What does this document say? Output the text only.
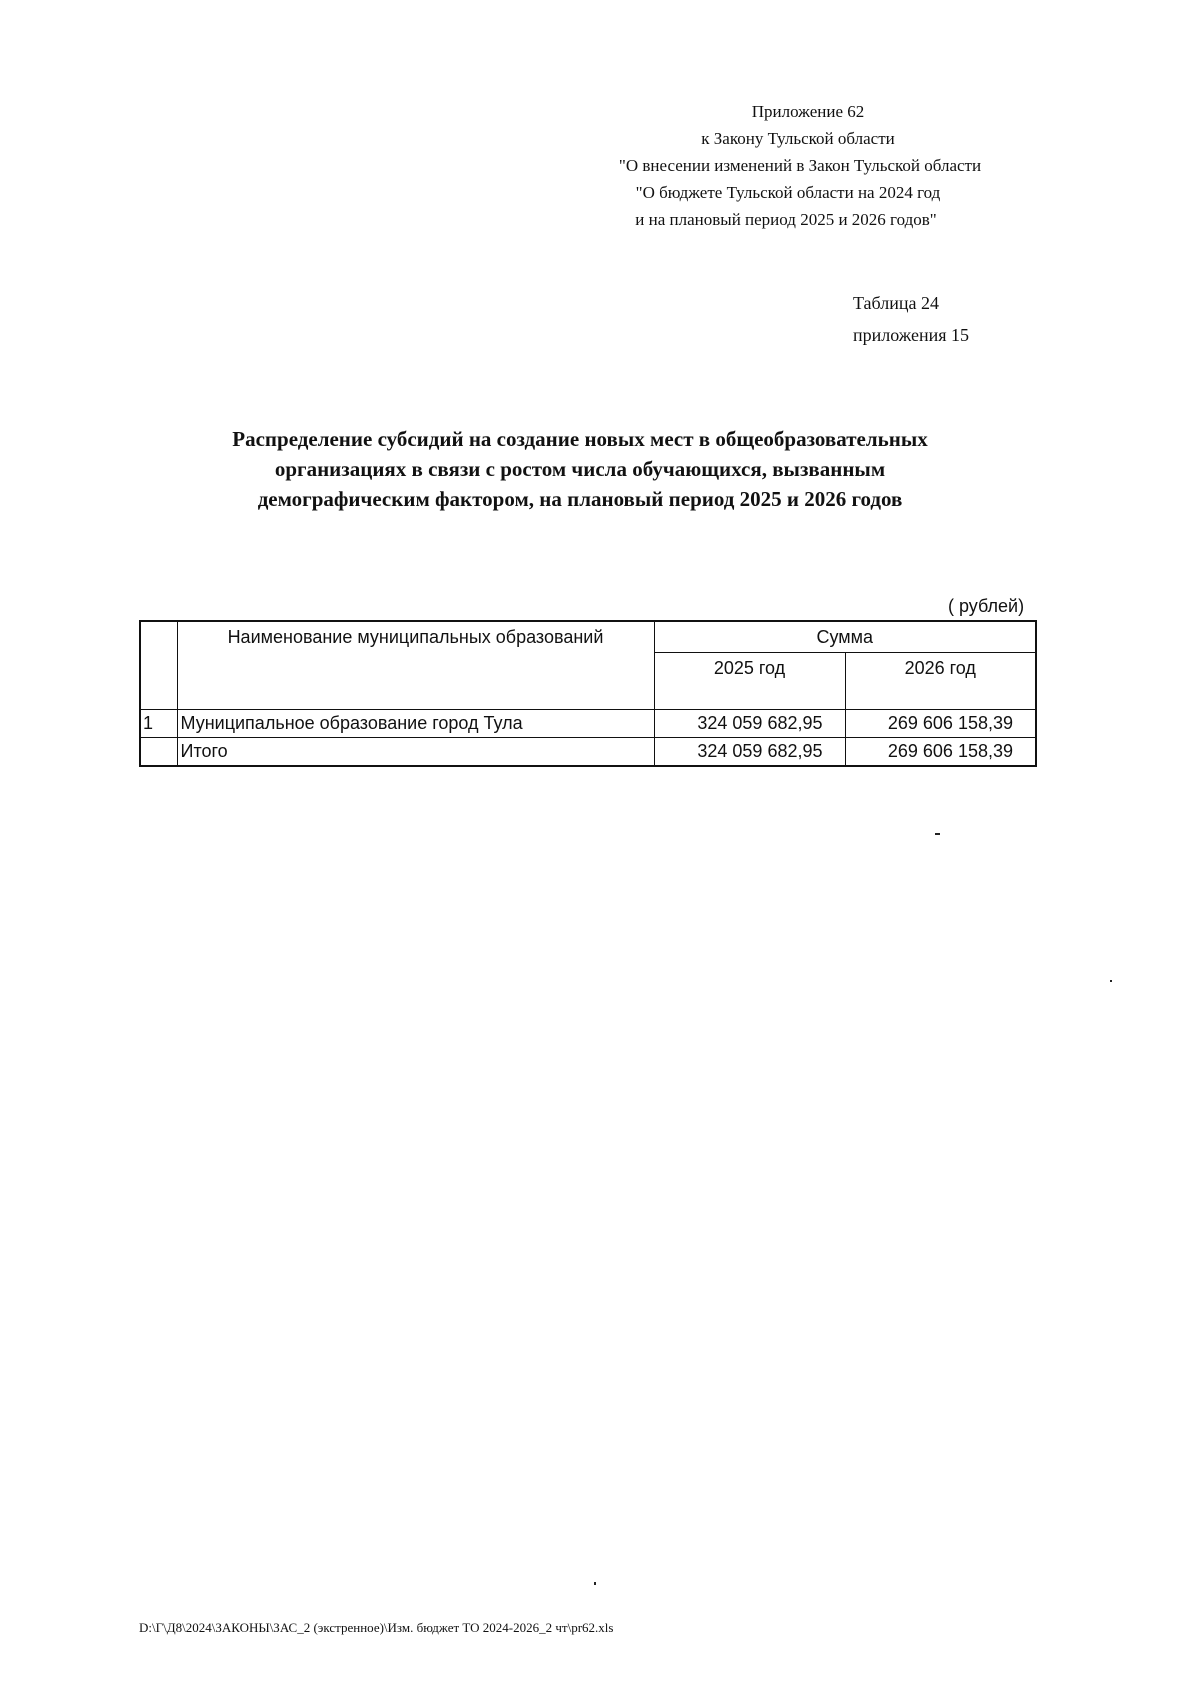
Приложение 62
к Закону Тульской области
"О внесении изменений в Закон Тульской области
"О бюджете Тульской области на 2024 год
и на плановый период 2025 и 2026 годов"
Таблица 24
приложения 15
Распределение субсидий на создание новых мест в общеобразовательных
организациях в связи с ростом числа обучающихся, вызванным
демографическим фактором, на плановый период 2025 и 2026 годов
( рублей)
	Наименование муниципальных образований	Сумма	
		2025 год	2026 год
1	Муниципальное образование город Тула	324 059 682,95	269 606 158,39
	Итого	324 059 682,95	269 606 158,39
D:\Г\Д8\2024\ЗАКОНЫ\ЗАС_2 (экстренное)\Изм. бюджет ТО 2024-2026_2 чт\pr62.xls
